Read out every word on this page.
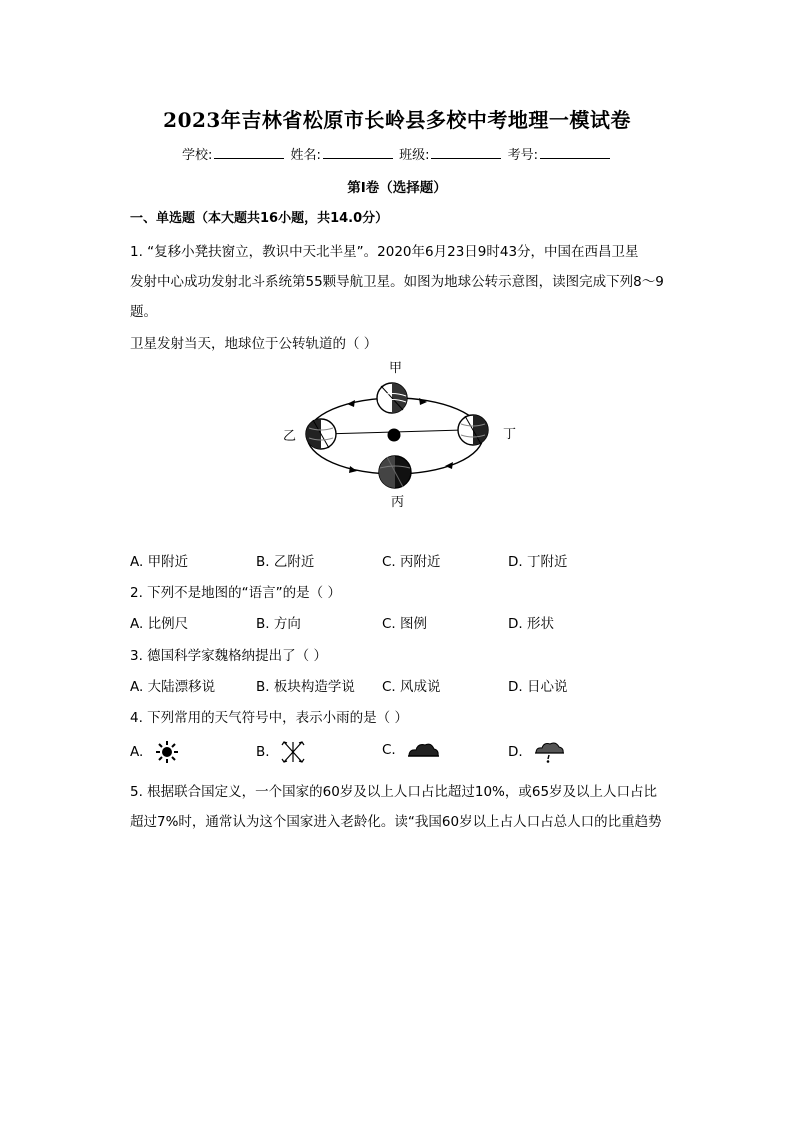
2023年吉林省松原市长岭县多校中考地理一模试卷
学校:	姓名:	班级:	考号:
第I卷（选择题）
一、单选题（本大题共16小题，共14.0分）
1. “复移小凳扶窗立，教识中天北半星”。2020年6月23日9时43分，中国在西昌卫星
发射中心成功发射北斗系统第55颗导航卫星。如图为地球公转示意图，读图完成下列8～9
题。
卫星发射当天，地球位于公转轨道的（ ）
甲
乙
丙
丁
A. 甲附近	B. 乙附近	C. 丙附近	D. 丁附近
2. 下列不是地图的“语言”的是（ ）
A. 比例尺	B. 方向	C. 图例	D. 形状
3. 德国科学家魏格纳提出了（ ）
A. 大陆漂移说	B. 板块构造学说 C. 风成说	D. 日心说
4. 下列常用的天气符号中，表示小雨的是（ ）
A.	B.	C.	D.
5. 根据联合国定义，一个国家的60岁及以上人口占比超过10%，或65岁及以上人口占比
超过7%时，通常认为这个国家进入老龄化。读“我国60岁以上占人口占总人口的比重趋势
